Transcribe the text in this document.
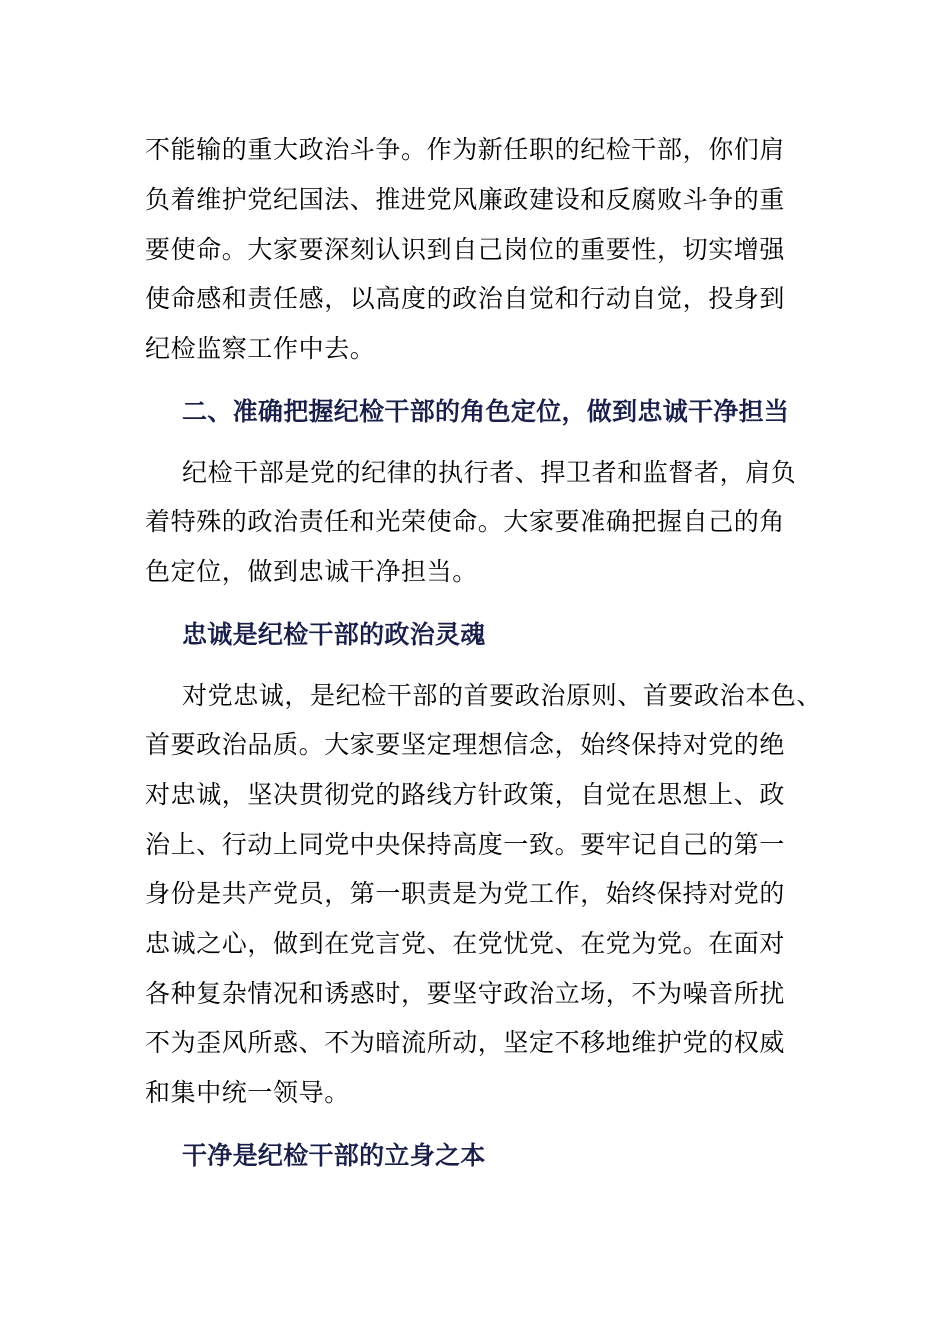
不能输的重大政治斗争。作为新任职的纪检干部，你们肩
负着维护党纪国法、推进党风廉政建设和反腐败斗争的重
要使命。大家要深刻认识到自己岗位的重要性，切实增强
使命感和责任感，以高度的政治自觉和行动自觉，投身到
纪检监察工作中去。
二、准确把握纪检干部的角色定位，做到忠诚干净担当
纪检干部是党的纪律的执行者、捍卫者和监督者，肩负
着特殊的政治责任和光荣使命。大家要准确把握自己的角
色定位，做到忠诚干净担当。
忠诚是纪检干部的政治灵魂
对党忠诚，是纪检干部的首要政治原则、首要政治本色、
首要政治品质。大家要坚定理想信念，始终保持对党的绝
对忠诚，坚决贯彻党的路线方针政策，自觉在思想上、政
治上、行动上同党中央保持高度一致。要牢记自己的第一
身份是共产党员，第一职责是为党工作，始终保持对党的
忠诚之心，做到在党言党、在党忧党、在党为党。在面对
各种复杂情况和诱惑时，要坚守政治立场，不为噪音所扰
不为歪风所惑、不为暗流所动，坚定不移地维护党的权威
和集中统一领导。
干净是纪检干部的立身之本
